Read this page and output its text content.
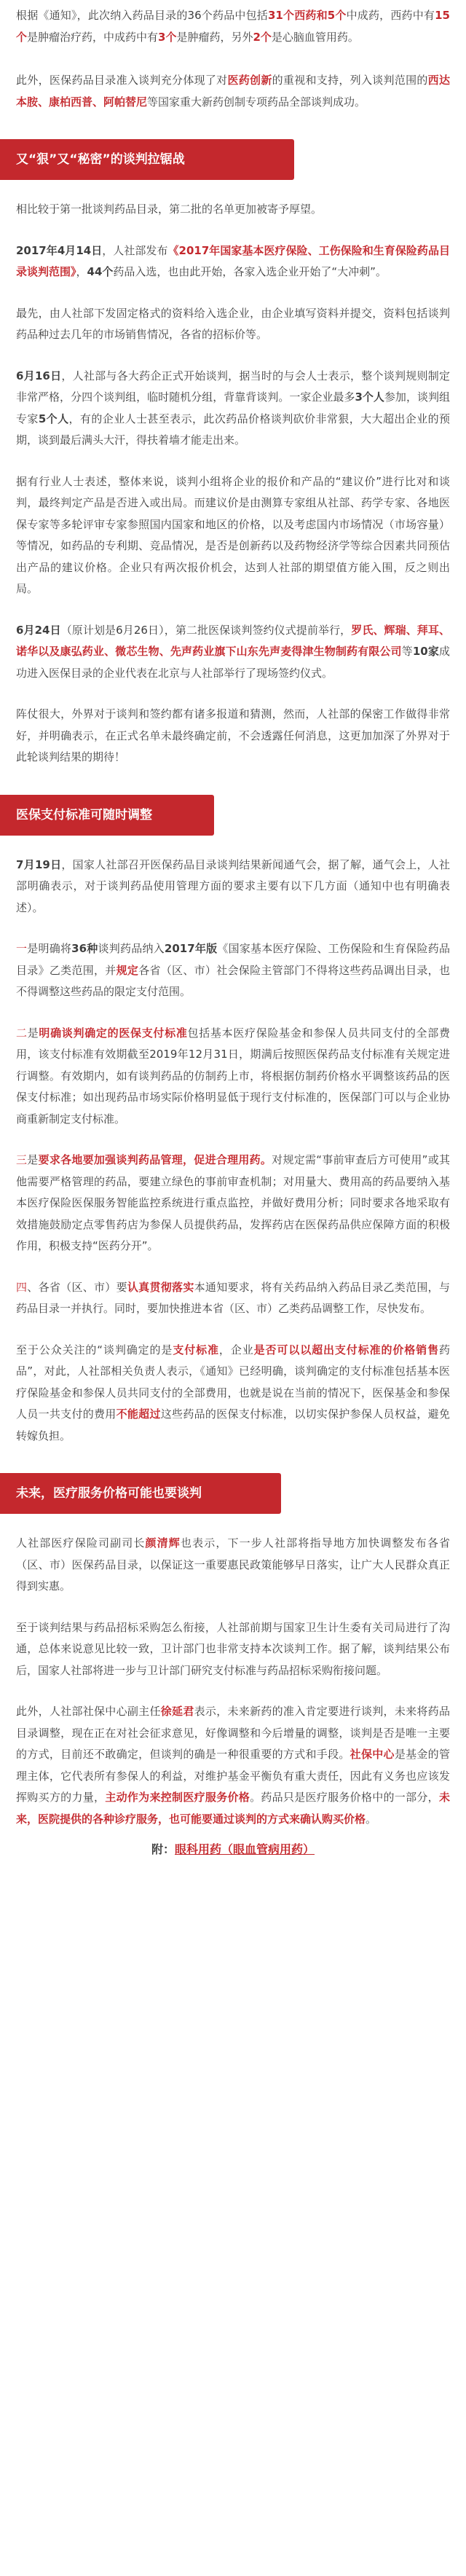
根据《通知》，此次纳入药品目录的36个药品中包括31个西药和5个中成药，西药中有15个是肿瘤治疗药，中成药中有3个是肿瘤药，另外2个是心脑血管用药。

此外，医保药品目录准入谈判充分体现了对医药创新的重视和支持，列入谈判范围的西达本胺、康柏西普、阿帕替尼等国家重大新药创制专项药品全部谈判成功。

又“狠”又“秘密”的谈判拉锯战

相比较于第一批谈判药品目录，第二批的名单更加被寄予厚望。

2017年4月14日，人社部发布《2017年国家基本医疗保险、工伤保险和生育保险药品目录谈判范围》，44个药品入选，也由此开始，各家入选企业开始了“大冲刺”。

最先，由人社部下发固定格式的资料给入选企业，由企业填写资料并提交，资料包括谈判药品种过去几年的市场销售情况，各省的招标价等。

6月16日，人社部与各大药企正式开始谈判，据当时的与会人士表示，整个谈判规则制定非常严格，分四个谈判组，临时随机分组，背靠背谈判。一家企业最多3个人参加，谈判组专家5个人，有的企业人士甚至表示，此次药品价格谈判砍价非常狠，大大超出企业的预期，谈到最后满头大汗，得扶着墙才能走出来。

据有行业人士表述，整体来说，谈判小组将企业的报价和产品的“建议价”进行比对和谈判，最终判定产品是否进入或出局。而建议价是由测算专家组从社部、药学专家、各地医保专家等多轮评审专家参照国内国家和地区的价格，以及考虑国内市场情况（市场容量）等情况，如药品的专利期、竞品情况，是否是创新药以及药物经济学等综合因素共同预估出产品的建议价格。企业只有两次报价机会，达到人社部的期望值方能入围，反之则出局。

6月24日（原计划是6月26日），第二批医保谈判签约仪式提前举行，罗氏、辉瑞、拜耳、诺华以及康弘药业、微芯生物、先声药业旗下山东先声麦得津生物制药有限公司等10家成功进入医保目录的企业代表在北京与人社部举行了现场签约仪式。

阵仗很大，外界对于谈判和签约都有诸多报道和猜测，然而，人社部的保密工作做得非常好，并明确表示，在正式名单未最终确定前，不会透露任何消息，这更加加深了外界对于此轮谈判结果的期待！

医保支付标准可随时调整

7月19日，国家人社部召开医保药品目录谈判结果新闻通气会，据了解，通气会上，人社部明确表示，对于谈判药品使用管理方面的要求主要有以下几方面（通知中也有明确表述）。

一是明确将36种谈判药品纳入2017年版《国家基本医疗保险、工伤保险和生育保险药品目录》乙类范围，并规定各省（区、市）社会保险主管部门不得将这些药品调出目录，也不得调整这些药品的限定支付范围。

二是明确谈判确定的医保支付标准包括基本医疗保险基金和参保人员共同支付的全部费用，该支付标准有效期截至2019年12月31日，期满后按照医保药品支付标准有关规定进行调整。有效期内，如有谈判药品的仿制药上市，将根据仿制药价格水平调整该药品的医保支付标准；如出现药品市场实际价格明显低于现行支付标准的，医保部门可以与企业协商重新制定支付标准。

三是要求各地要加强谈判药品管理，促进合理用药。对规定需“事前审查后方可使用”或其他需要严格管理的药品，要建立绿色的事前审查机制；对用量大、费用高的药品要纳入基本医疗保险医保服务智能监控系统进行重点监控，并做好费用分析；同时要求各地采取有效措施鼓励定点零售药店为参保人员提供药品，发挥药店在医保药品供应保障方面的积极作用，积极支持“医药分开”。

四、各省（区、市）要认真贯彻落实本通知要求，将有关药品纳入药品目录乙类范围，与药品目录一并执行。同时，要加快推进本省（区、市）乙类药品调整工作，尽快发布。

至于公众关注的“谈判确定的是支付标准，企业是否可以以超出支付标准的价格销售药品”，对此，人社部相关负责人表示，《通知》已经明确，谈判确定的支付标准包括基本医疗保险基金和参保人员共同支付的全部费用，也就是说在当前的情况下，医保基金和参保人员一共支付的费用不能超过这些药品的医保支付标准，以切实保护参保人员权益，避免转嫁负担。

未来，医疗服务价格可能也要谈判

人社部医疗保险司副司长颜清辉也表示，下一步人社部将指导地方加快调整发布各省（区、市）医保药品目录，以保证这一重要惠民政策能够早日落实，让广大人民群众真正得到实惠。

至于谈判结果与药品招标采购怎么衔接，人社部前期与国家卫生计生委有关司局进行了沟通，总体来说意见比较一致，卫计部门也非常支持本次谈判工作。据了解，谈判结果公布后，国家人社部将进一步与卫计部门研究支付标准与药品招标采购衔接问题。

此外，人社部社保中心副主任徐延君表示，未来新药的准入肯定要进行谈判，未来将药品目录调整，现在正在对社会征求意见，好像调整和今后增量的调整，谈判是否是唯一主要的方式，目前还不敢确定，但谈判的确是一种很重要的方式和手段。社保中心是基金的管理主体，它代表所有参保人的利益，对维护基金平衡负有重大责任，因此有义务也应该发挥购买方的力量，主动作为来控制医疗服务价格。药品只是医疗服务价格中的一部分，未来，医院提供的各种诊疗服务，也可能要通过谈判的方式来确认购买价格。

附：眼科用药（眼血管病用药）
